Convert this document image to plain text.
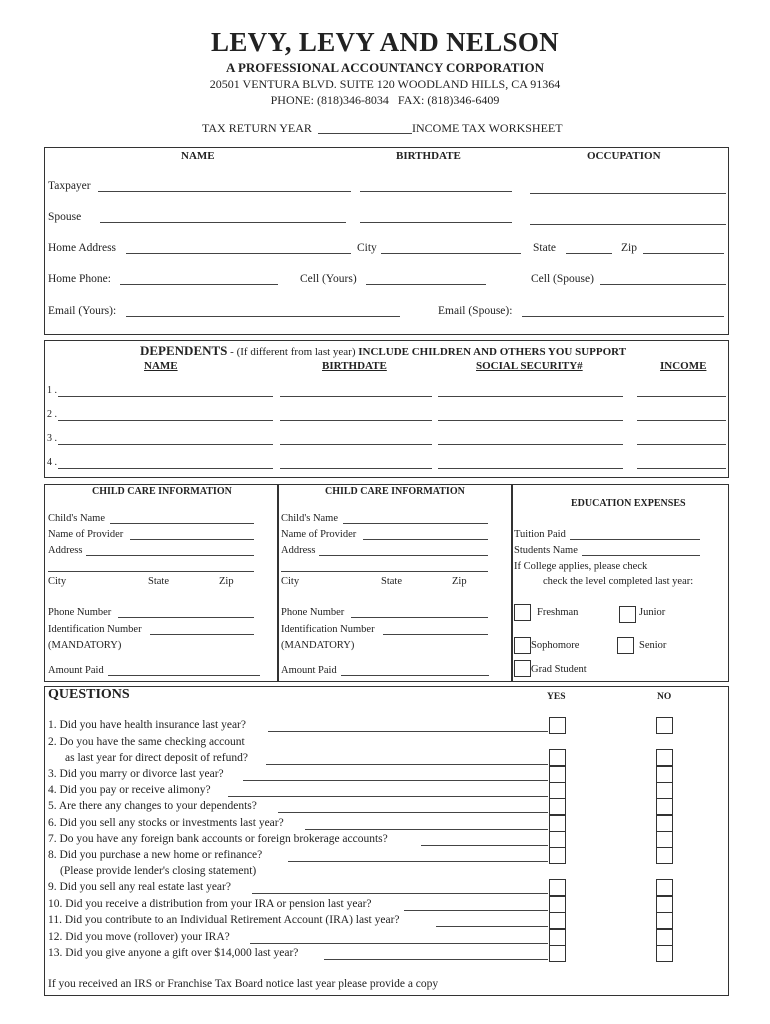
LEVY, LEVY AND NELSON
A PROFESSIONAL ACCOUNTANCY CORPORATION
20501 VENTURA BLVD. SUITE 120 WOODLAND HILLS, CA 91364
PHONE: (818)346-8034   FAX: (818)346-6409
TAX RETURN YEAR	INCOME TAX WORKSHEET
NAME	BIRTHDATE	OCCUPATION
Taxpayer
Spouse
Home Address	City	State	Zip
Home Phone:	Cell (Yours)	Cell (Spouse)
Email (Yours):	Email (Spouse):
DEPENDENTS - (If different from last year) INCLUDE CHILDREN AND OTHERS YOU SUPPORT
NAME	BIRTHDATE	SOCIAL SECURITY#	INCOME
1 .
2 .
3 .
4 .
CHILD CARE INFORMATION
Child's Name
Name of Provider
Address
City	State	Zip
Phone Number
Identification Number
(MANDATORY)
Amount Paid
CHILD CARE INFORMATION
Child's Name
Name of Provider
Address
City	State	Zip
Phone Number
Identification Number
(MANDATORY)
Amount Paid
EDUCATION EXPENSES
Tuition Paid
Students Name
If College applies, please check
check the level completed last year:
Freshman	Junior
Sophomore	Senior
Grad Student
QUESTIONS	YES	NO
1. Did you have health insurance last year?
2. Do you have the same checking account
as last year for direct deposit of refund?
3. Did you marry or divorce last year?
4. Did you pay or receive alimony?
5. Are there any changes to your dependents?
6. Did you sell any stocks or investments last year?
7. Do you have any foreign bank accounts or foreign brokerage accounts?
8. Did you purchase a new home or refinance?
(Please provide lender's closing statement)
9. Did you sell any real estate last year?
10. Did you receive a distribution from your IRA or pension last year?
11. Did you contribute to an Individual Retirement Account (IRA) last year?
12. Did you move (rollover) your IRA?
13. Did you give anyone a gift over $14,000 last year?
If you received an IRS or Franchise Tax Board notice last year please provide a copy
